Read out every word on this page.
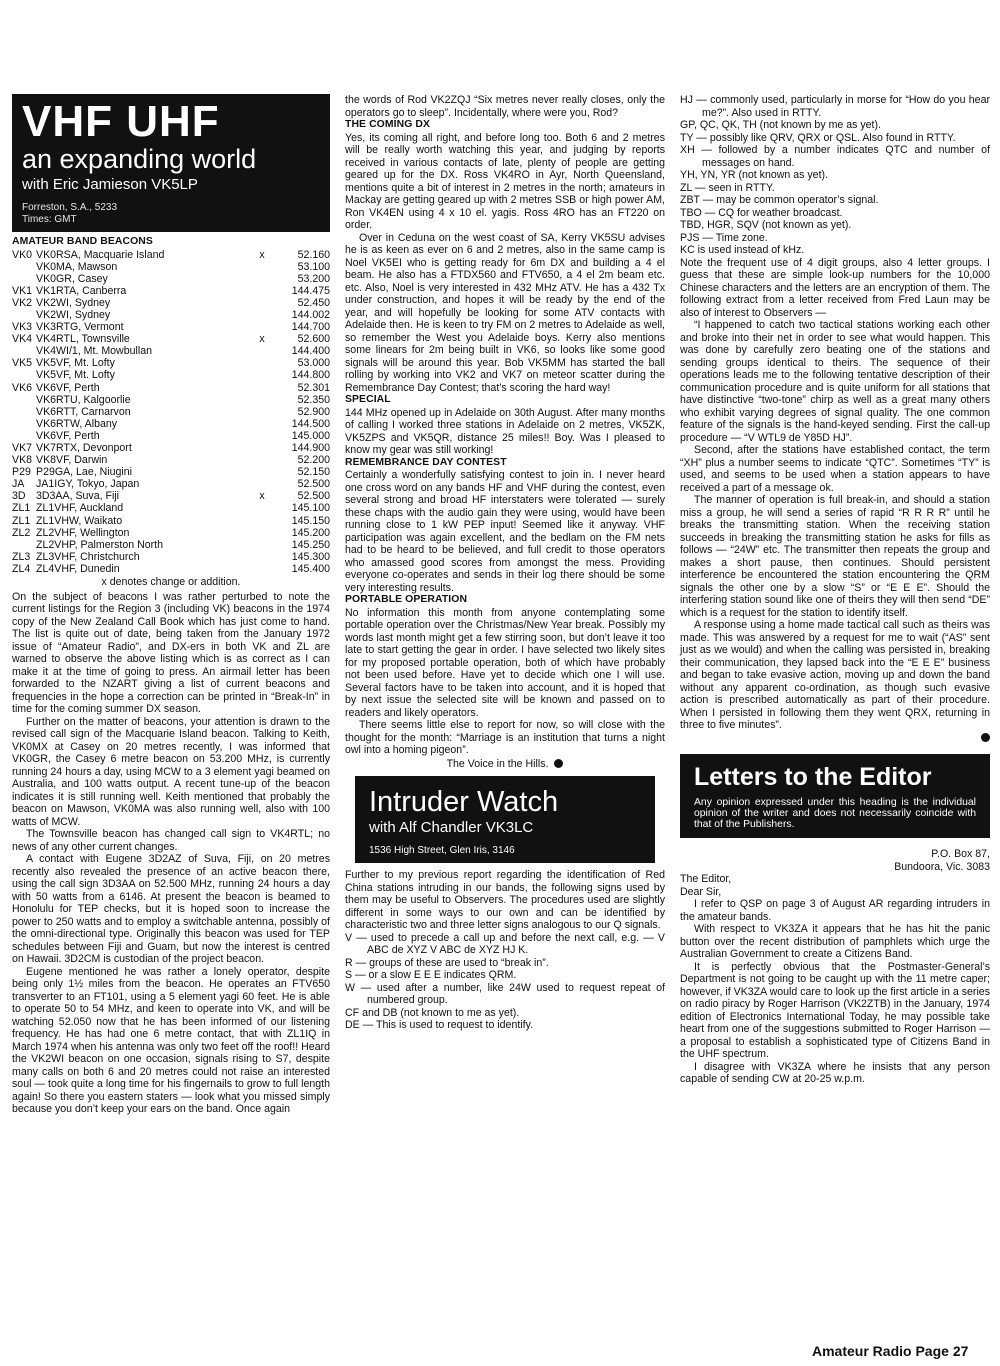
VHF UHF
an expanding world
with Eric Jamieson VK5LP
Forreston, S.A., 5233
Times: GMT
AMATEUR BAND BEACONS
VK0	VK0RSA, Macquarie Island	x	52.160
	VK0MA, Mawson		53.100
	VK0GR, Casey		53.200
VK1	VK1RTA, Canberra		144.475
VK2	VK2WI, Sydney		52.450
	VK2WI, Sydney		144.002
VK3	VK3RTG, Vermont		144.700
VK4	VK4RTL, Townsville	x	52.600
	VK4WI/1, Mt. Mowbullan		144.400
VK5	VK5VF, Mt. Lofty		53.000
	VK5VF, Mt. Lofty		144.800
VK6	VK6VF, Perth		52.301
	VK6RTU, Kalgoorlie		52.350
	VK6RTT, Carnarvon		52.900
	VK6RTW, Albany		144.500
	VK6VF, Perth		145.000
VK7	VK7RTX, Devonport		144.900
VK8	VK8VF, Darwin		52.200
P29	P29GA, Lae, Niugini		52.150
JA	JA1IGY, Tokyo, Japan		52.500
3D	3D3AA, Suva, Fiji	x	52.500
ZL1	ZL1VHF, Auckland		145.100
ZL1	ZL1VHW, Waikato		145.150
ZL2	ZL2VHF, Wellington		145.200
	ZL2VHP, Palmerston North		145.250
ZL3	ZL3VHF, Christchurch		145.300
ZL4	ZL4VHF, Dunedin		145.400
x denotes change or addition.

On the subject of beacons I was rather perturbed to note the current listings for the Region 3 (including VK) beacons in the 1974 copy of the New Zealand Call Book which has just come to hand. The list is quite out of date, being taken from the January 1972 issue of “Amateur Radio”, and DX-ers in both VK and ZL are warned to observe the above listing which is as correct as I can make it at the time of going to press. An airmail letter has been forwarded to the NZART giving a list of current beacons and frequencies in the hope a correction can be printed in “Break-In” in time for the coming summer DX season.

Further on the matter of beacons, your attention is drawn to the revised call sign of the Macquarie Island beacon. Talking to Keith, VK0MX at Casey on 20 metres recently, I was informed that VK0GR, the Casey 6 metre beacon on 53.200 MHz, is currently running 24 hours a day, using MCW to a 3 element yagi beamed on Australia, and 100 watts output. A recent tune-up of the beacon indicates it is still running well. Keith mentioned that probably the beacon on Mawson, VK0MA was also running well, also with 100 watts of MCW.

The Townsville beacon has changed call sign to VK4RTL; no news of any other current changes.

A contact with Eugene 3D2AZ of Suva, Fiji, on 20 metres recently also revealed the presence of an active beacon there, using the call sign 3D3AA on 52.500 MHz, running 24 hours a day with 50 watts from a 6146. At present the beacon is beamed to Honolulu for TEP checks, but it is hoped soon to increase the power to 250 watts and to employ a switchable antenna, possibly of the omni-directional type. Originally this beacon was used for TEP schedules between Fiji and Guam, but now the interest is centred on Hawaii. 3D2CM is custodian of the project beacon.

Eugene mentioned he was rather a lonely operator, despite being only 1½ miles from the beacon. He operates an FTV650 transverter to an FT101, using a 5 element yagi 60 feet. He is able to operate 50 to 54 MHz, and keen to operate into VK, and will be watching 52.050 now that he has been informed of our listening frequency. He has had one 6 metre contact, that with ZL1IQ in March 1974 when his antenna was only two feet off the roof!! Heard the VK2WI beacon on one occasion, signals rising to S7, despite many calls on both 6 and 20 metres could not raise an interested soul — took quite a long time for his fingernails to grow to full length again! So there you eastern staters — look what you missed simply because you don’t keep your ears on the band. Once again

the words of Rod VK2ZQJ “Six metres never really closes, only the operators go to sleep”. Incidentally, where were you, Rod?

THE COMING DX

Yes, its coming all right, and before long too. Both 6 and 2 metres will be really worth watching this year, and judging by reports received in various contacts of late, plenty of people are getting geared up for the DX. Ross VK4RO in Ayr, North Queensland, mentions quite a bit of interest in 2 metres in the north; amateurs in Mackay are getting geared up with 2 metres SSB or high power AM, Ron VK4EN using 4 x 10 el. yagis. Ross 4RO has an FT220 on order.

Over in Ceduna on the west coast of SA, Kerry VK5SU advises he is as keen as ever on 6 and 2 metres, also in the same camp is Noel VK5EI who is getting ready for 6m DX and building a 4 el beam. He also has a FTDX560 and FTV650, a 4 el 2m beam etc. etc. Also, Noel is very interested in 432 MHz ATV. He has a 432 Tx under construction, and hopes it will be ready by the end of the year, and will hopefully be looking for some ATV contacts with Adelaide then. He is keen to try FM on 2 metres to Adelaide as well, so remember the West you Adelaide boys. Kerry also mentions some linears for 2m being built in VK6, so looks like some good signals will be around this year. Bob VK5MM has started the ball rolling by working into VK2 and VK7 on meteor scatter during the Remembrance Day Contest; that’s scoring the hard way!

SPECIAL

144 MHz opened up in Adelaide on 30th August. After many months of calling I worked three stations in Adelaide on 2 metres, VK5ZK, VK5ZPS and VK5QR, distance 25 miles!! Boy. Was I pleased to know my gear was still working!

REMEMBRANCE DAY CONTEST

Certainly a wonderfully satisfying contest to join in. I never heard one cross word on any bands HF and VHF during the contest, even several strong and broad HF interstaters were tolerated — surely these chaps with the audio gain they were using, would have been running close to 1 kW PEP input! Seemed like it anyway. VHF participation was again excellent, and the bedlam on the FM nets had to be heard to be believed, and full credit to those operators who amassed good scores from amongst the mess. Providing everyone co-operates and sends in their log there should be some very interesting results.

PORTABLE OPERATION

No information this month from anyone contemplating some portable operation over the Christmas/New Year break. Possibly my words last month might get a few stirring soon, but don’t leave it too late to start getting the gear in order. I have selected two likely sites for my proposed portable operation, both of which have probably not been used before. Have yet to decide which one I will use. Several factors have to be taken into account, and it is hoped that by next issue the selected site will be known and passed on to readers and likely operators.

There seems little else to report for now, so will close with the thought for the month: “Marriage is an institution that turns a night owl into a homing pigeon”.

The Voice in the Hills.
Intruder Watch
with Alf Chandler VK3LC
1536 High Street, Glen Iris, 3146

Further to my previous report regarding the identification of Red China stations intruding in our bands, the following signs used by them may be useful to Observers. The procedures used are slightly different in some ways to our own and can be identified by characteristic two and three letter signs analogous to our Q signals.

V — used to precede a call up and before the next call, e.g. — V ABC de XYZ V ABC de XYZ HJ K.

R — groups of these are used to “break in”.

S — or a slow E E E indicates QRM.

W — used after a number, like 24W used to request repeat of numbered group.

CF and DB (not known to me as yet).

DE — This is used to request to identify.

HJ — commonly used, particularly in morse for “How do you hear me?”. Also used in RTTY.

GP, QC, QK, TH (not known by me as yet).

TY — possibly like QRV, QRX or QSL. Also found in RTTY.

XH — followed by a number indicates QTC and number of messages on hand.

YH, YN, YR (not known as yet).

ZL — seen in RTTY.

ZBT — may be common operator’s signal.

TBO — CQ for weather broadcast.

TBD, HGR, SQV (not known as yet).

PJS — Time zone.

KC is used instead of kHz.

Note the frequent use of 4 digit groups, also 4 letter groups. I guess that these are simple look-up numbers for the 10,000 Chinese characters and the letters are an encryption of them. The following extract from a letter received from Fred Laun may be also of interest to Observers —

“I happened to catch two tactical stations working each other and broke into their net in order to see what would happen. This was done by carefully zero beating one of the stations and sending groups identical to theirs. The sequence of their operations leads me to the following tentative description of their communication procedure and is quite uniform for all stations that have distinctive “two-tone” chirp as well as a great many others who exhibit varying degrees of signal quality. The one common feature of the signals is the hand-keyed sending. First the call-up procedure — “V WTL9 de Y85D HJ”.

Second, after the stations have established contact, the term “XH” plus a number seems to indicate “QTC”. Sometimes “TY” is used, and seems to be used when a station appears to have received a part of a message ok.

The manner of operation is full break-in, and should a station miss a group, he will send a series of rapid “R R R R” until he breaks the transmitting station. When the receiving station succeeds in breaking the transmitting station he asks for fills as follows — “24W” etc. The transmitter then repeats the group and makes a short pause, then continues. Should persistent interference be encountered the station encountering the QRM signals the other one by a slow “S” or “E E E”. Should the interfering station sound like one of theirs they will then send “DE” which is a request for the station to identify itself.

A response using a home made tactical call such as theirs was made. This was answered by a request for me to wait (“AS” sent just as we would) and when the calling was persisted in, breaking their communication, they lapsed back into the “E E E” business and began to take evasive action, moving up and down the band without any apparent co-ordination, as though such evasive action is prescribed automatically as part of their procedure. When I persisted in following them they went QRX, returning in three to five minutes”.

Letters to the Editor
Any opinion expressed under this heading is the individual opinion of the writer and does not necessarily coincide with that of the Publishers.
P.O. Box 87,
Bundoora, Vic. 3083
The Editor,
Dear Sir,

I refer to QSP on page 3 of August AR regarding intruders in the amateur bands.

With respect to VK3ZA it appears that he has hit the panic button over the recent distribution of pamphlets which urge the Australian Government to create a Citizens Band.

It is perfectly obvious that the Postmaster-General’s Department is not going to be caught up with the 11 metre caper; however, if VK3ZA would care to look up the first article in a series on radio piracy by Roger Harrison (VK2ZTB) in the January, 1974 edition of Electronics International Today, he may possible take heart from one of the suggestions submitted to Roger Harrison — a proposal to establish a sophisticated type of Citizens Band in the UHF spectrum.

I disagree with VK3ZA where he insists that any person capable of sending CW at 20-25 w.p.m.

Amateur Radio Page 27
